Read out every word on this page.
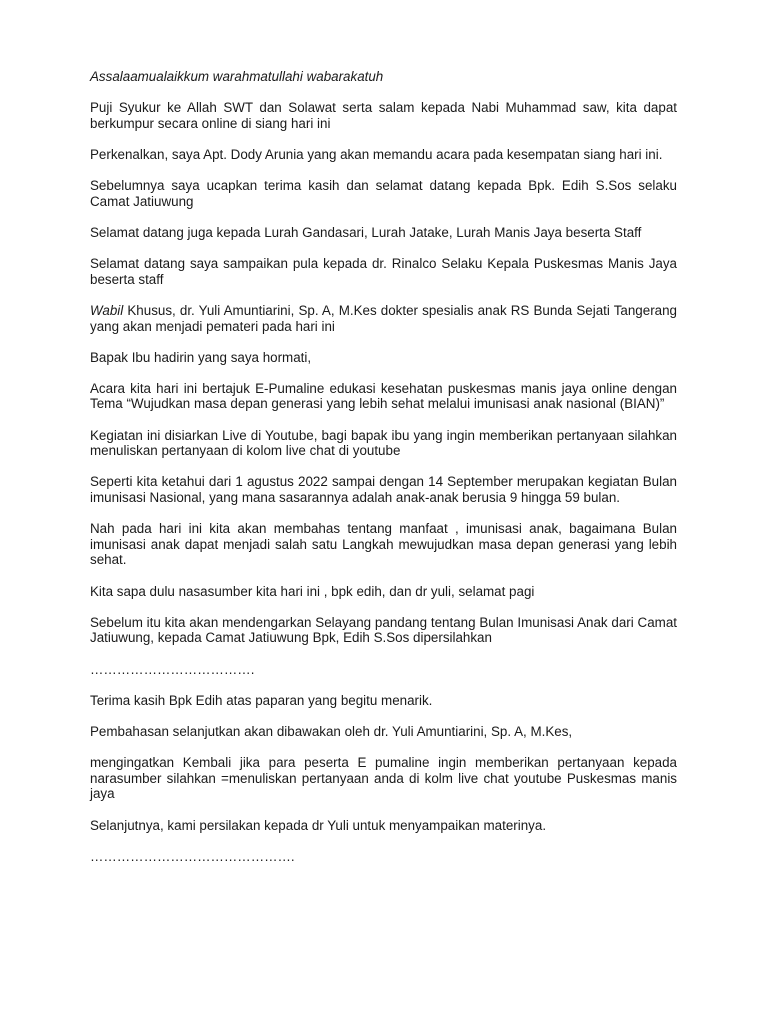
Assalaamualaikkum warahmatullahi wabarakatuh

Puji Syukur ke Allah SWT dan Solawat serta salam kepada Nabi Muhammad saw, kita dapat berkumpur secara online di siang hari ini

Perkenalkan, saya Apt. Dody Arunia yang akan memandu acara pada kesempatan siang hari ini.

Sebelumnya saya ucapkan terima kasih dan selamat datang kepada Bpk. Edih S.Sos selaku Camat Jatiuwung

Selamat datang juga kepada Lurah Gandasari, Lurah Jatake, Lurah Manis Jaya beserta Staff

Selamat datang saya sampaikan pula kepada dr. Rinalco Selaku Kepala Puskesmas Manis Jaya beserta staff

Wabil Khusus, dr. Yuli Amuntiarini, Sp. A, M.Kes dokter spesialis anak RS Bunda Sejati Tangerang yang akan menjadi pemateri pada hari ini

Bapak Ibu hadirin yang saya hormati,

Acara kita hari ini bertajuk E-Pumaline edukasi kesehatan puskesmas manis jaya online dengan Tema “Wujudkan masa depan generasi yang lebih sehat melalui imunisasi anak nasional (BIAN)”

Kegiatan ini disiarkan Live di Youtube, bagi bapak ibu yang ingin memberikan pertanyaan silahkan menuliskan pertanyaan di kolom live chat di youtube

Seperti kita ketahui dari 1 agustus 2022 sampai dengan 14 September merupakan kegiatan Bulan imunisasi Nasional, yang mana sasarannya adalah anak-anak berusia 9 hingga 59 bulan.

Nah pada hari ini kita akan membahas tentang manfaat , imunisasi anak, bagaimana Bulan imunisasi anak dapat menjadi salah satu Langkah mewujudkan masa depan generasi yang lebih sehat.

Kita sapa dulu nasasumber kita hari ini , bpk edih, dan dr yuli, selamat pagi

Sebelum itu kita akan mendengarkan Selayang pandang tentang Bulan Imunisasi Anak dari Camat Jatiuwung, kepada Camat Jatiuwung Bpk, Edih S.Sos dipersilahkan

……………………………….

Terima kasih Bpk Edih atas paparan yang begitu menarik.

Pembahasan selanjutkan akan dibawakan oleh dr. Yuli Amuntiarini, Sp. A, M.Kes,

mengingatkan Kembali jika para peserta E pumaline ingin memberikan pertanyaan kepada narasumber silahkan =menuliskan pertanyaan anda di kolm live chat youtube Puskesmas manis jaya

Selanjutnya, kami persilakan kepada dr Yuli untuk menyampaikan materinya.

……………………………………….
